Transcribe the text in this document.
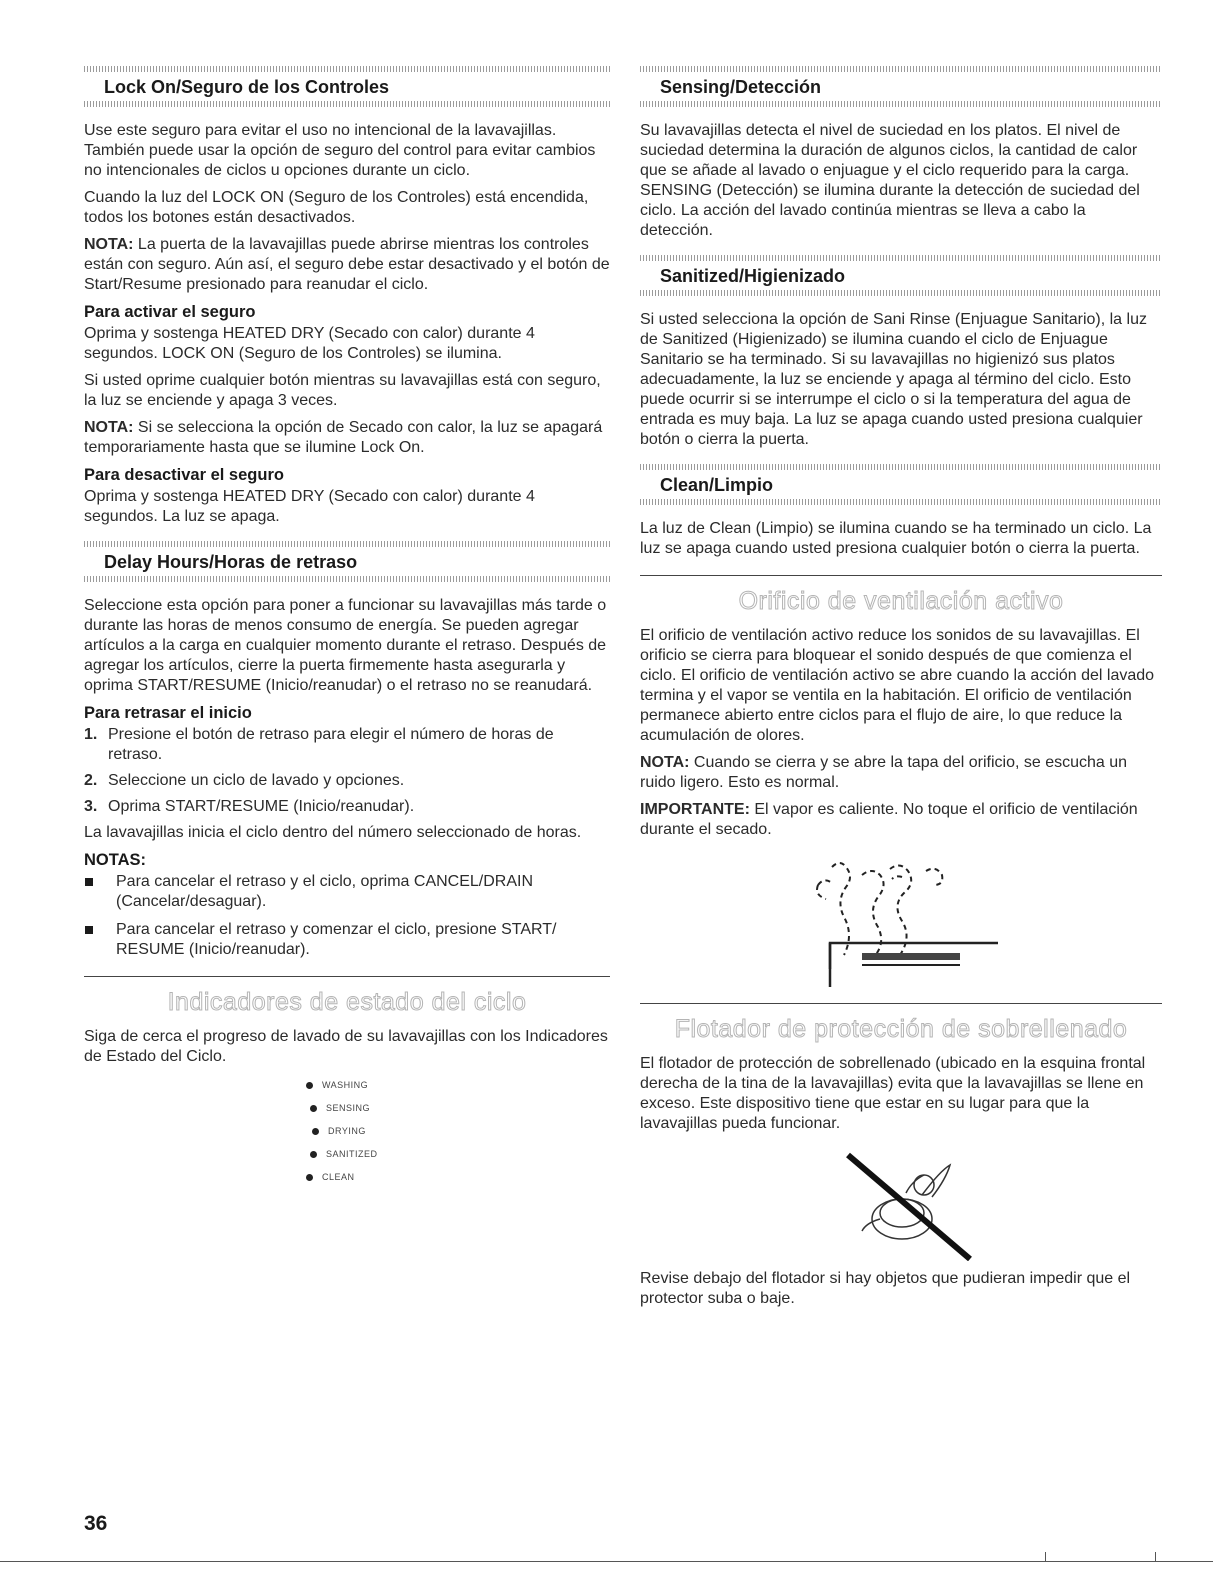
Lock On/Seguro de los Controles

Use este seguro para evitar el uso no intencional de la lavavajillas. También puede usar la opción de seguro del control para evitar cambios no intencionales de ciclos u opciones durante un ciclo.

Cuando la luz del LOCK ON (Seguro de los Controles) está encendida, todos los botones están desactivados.

NOTA: La puerta de la lavavajillas puede abrirse mientras los controles están con seguro. Aún así, el seguro debe estar desactivado y el botón de Start/Resume presionado para reanudar el ciclo.

Para activar el seguro

Oprima y sostenga HEATED DRY (Secado con calor) durante 4 segundos. LOCK ON (Seguro de los Controles) se ilumina.

Si usted oprime cualquier botón mientras su lavavajillas está con seguro, la luz se enciende y apaga 3 veces.

NOTA: Si se selecciona la opción de Secado con calor, la luz se apagará temporariamente hasta que se ilumine Lock On.

Para desactivar el seguro

Oprima y sostenga HEATED DRY (Secado con calor) durante 4 segundos. La luz se apaga.

Delay Hours/Horas de retraso

Seleccione esta opción para poner a funcionar su lavavajillas más tarde o durante las horas de menos consumo de energía. Se pueden agregar artículos a la carga en cualquier momento durante el retraso. Después de agregar los artículos, cierre la puerta firmemente hasta asegurarla y oprima START/RESUME (Inicio/reanudar) o el retraso no se reanudará.

Para retrasar el inicio
1. Presione el botón de retraso para elegir el número de horas de retraso.
2. Seleccione un ciclo de lavado y opciones.
3. Oprima START/RESUME (Inicio/reanudar).

La lavavajillas inicia el ciclo dentro del número seleccionado de horas.

NOTAS:
Para cancelar el retraso y el ciclo, oprima CANCEL/DRAIN (Cancelar/desaguar).
Para cancelar el retraso y comenzar el ciclo, presione START/ RESUME (Inicio/reanudar).
Indicadores de estado del ciclo

Siga de cerca el progreso de lavado de su lavavajillas con los Indicadores de Estado del Ciclo.

WASHING
SENSING
DRYING
SANITIZED
CLEAN
Sensing/Detección

Su lavavajillas detecta el nivel de suciedad en los platos. El nivel de suciedad determina la duración de algunos ciclos, la cantidad de calor que se añade al lavado o enjuague y el ciclo requerido para la carga. SENSING (Detección) se ilumina durante la detección de suciedad del ciclo. La acción del lavado continúa mientras se lleva a cabo la detección.

Sanitized/Higienizado

Si usted selecciona la opción de Sani Rinse (Enjuague Sanitario), la luz de Sanitized (Higienizado) se ilumina cuando el ciclo de Enjuague Sanitario se ha terminado. Si su lavavajillas no higienizó sus platos adecuadamente, la luz se enciende y apaga al término del ciclo. Esto puede ocurrir si se interrumpe el ciclo o si la temperatura del agua de entrada es muy baja. La luz se apaga cuando usted presiona cualquier botón o cierra la puerta.

Clean/Limpio

La luz de Clean (Limpio) se ilumina cuando se ha terminado un ciclo. La luz se apaga cuando usted presiona cualquier botón o cierra la puerta.

Orificio de ventilación activo

El orificio de ventilación activo reduce los sonidos de su lavavajillas. El orificio se cierra para bloquear el sonido después de que comienza el ciclo. El orificio de ventilación activo se abre cuando la acción del lavado termina y el vapor se ventila en la habitación. El orificio de ventilación permanece abierto entre ciclos para el flujo de aire, lo que reduce la acumulación de olores.

NOTA: Cuando se cierra y se abre la tapa del orificio, se escucha un ruido ligero. Esto es normal.

IMPORTANTE: El vapor es caliente. No toque el orificio de ventilación durante el secado.

Flotador de protección de sobrellenado

El flotador de protección de sobrellenado (ubicado en la esquina frontal derecha de la tina de la lavavajillas) evita que la lavavajillas se llene en exceso. Este dispositivo tiene que estar en su lugar para que la lavavajillas pueda funcionar.

Revise debajo del flotador si hay objetos que pudieran impedir que el protector suba o baje.

36
